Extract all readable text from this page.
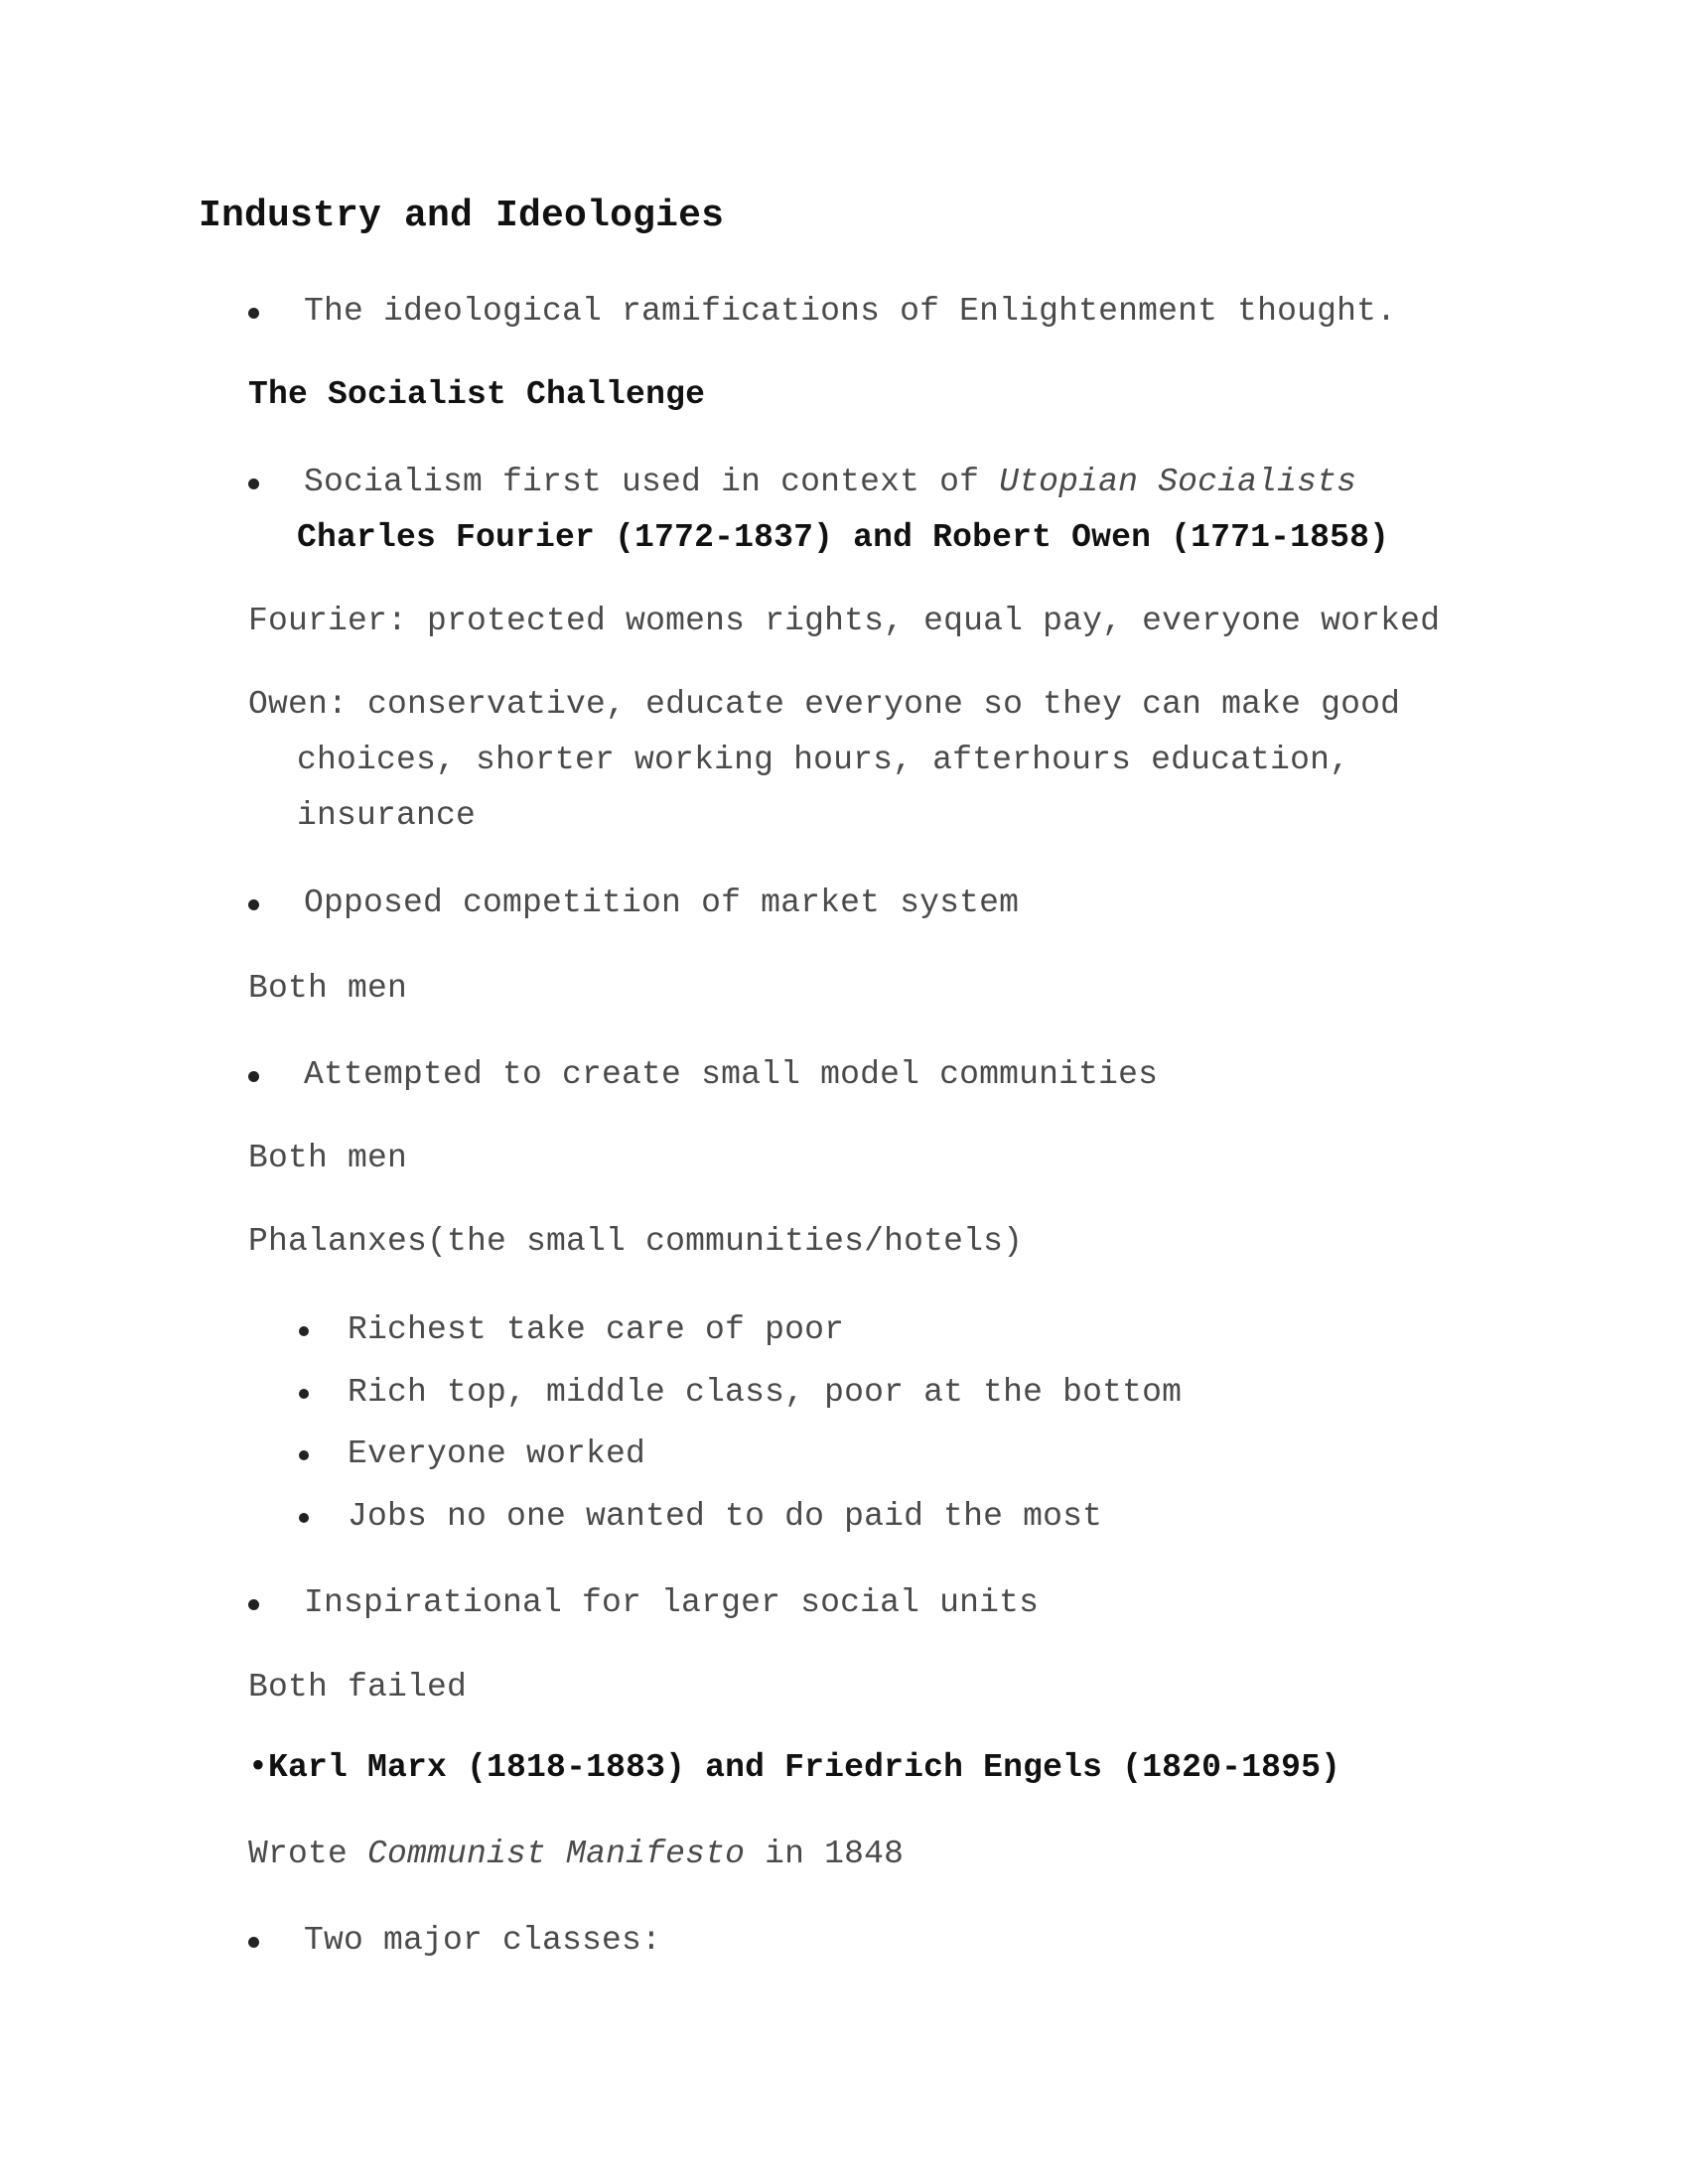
Industry and Ideologies
The ideological ramifications of Enlightenment thought.
The Socialist Challenge
Socialism first used in context of Utopian Socialists
Charles Fourier (1772-1837) and Robert Owen (1771-1858)
Fourier: protected womens rights, equal pay, everyone worked
Owen: conservative, educate everyone so they can make good
choices, shorter working hours, afterhours education,
insurance
Opposed competition of market system
Both men
Attempted to create small model communities
Both men
Phalanxes(the small communities/hotels)
Richest take care of poor
Rich top, middle class, poor at the bottom
Everyone worked
Jobs no one wanted to do paid the most
Inspirational for larger social units
Both failed
•Karl Marx (1818-1883) and Friedrich Engels (1820-1895)
Wrote Communist Manifesto in 1848
Two major classes:
